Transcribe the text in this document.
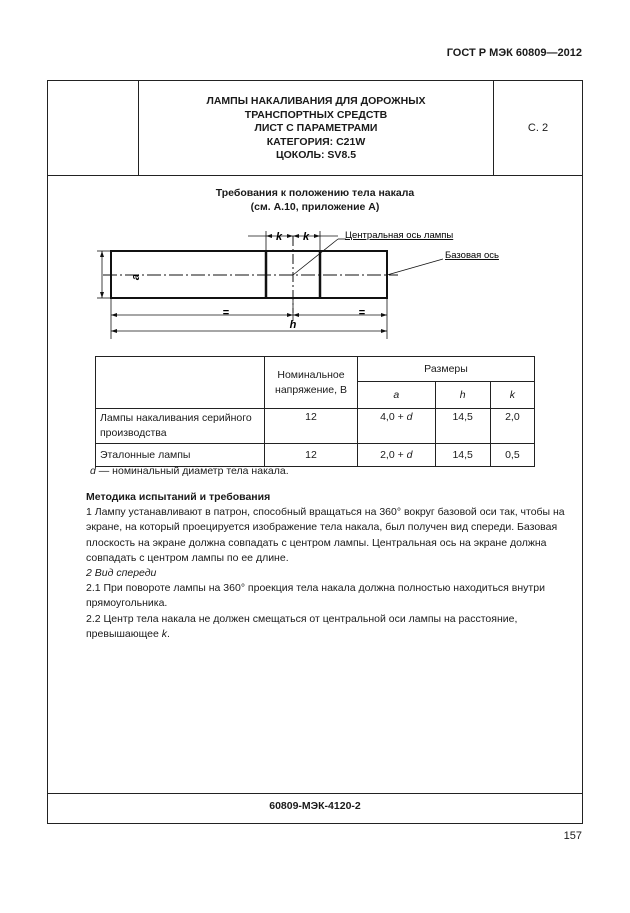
ГОСТ Р МЭК 60809—2012
ЛАМПЫ НАКАЛИВАНИЯ ДЛЯ ДОРОЖНЫХ
ТРАНСПОРТНЫХ СРЕДСТВ
ЛИСТ С ПАРАМЕТРАМИ
КАТЕГОРИЯ: C21W
ЦОКОЛЬ: SV8.5
С. 2
Требования к положению тела накала
(см. А.10, приложение А)
k k	Центральная ось лампы
Базовая ось
a
=	=
h
	Номинальное напряжение, В	Размеры		
		a	h	k
Лампы накаливания серийного производства	12	4,0 + d	14,5	2,0
Эталонные лампы	12	2,0 + d	14,5	0,5
d — номинальный диаметр тела накала.

Методика испытаний и требования

1 Лампу устанавливают в патрон, способный вращаться на 360° вокруг базовой оси так, чтобы на экране, на который проецируется изображение тела накала, был получен вид спереди. Базовая плоскость на экране должна совпадать с центром лампы. Центральная ось на экране должна совпадать с центром лампы по ее длине.

2 Вид спереди

2.1 При повороте лампы на 360° проекция тела накала должна полностью находиться внутри прямоугольника.

2.2 Центр тела накала не должен смещаться от центральной оси лампы на расстояние, превышающее k.

60809-МЭК-4120-2
157
